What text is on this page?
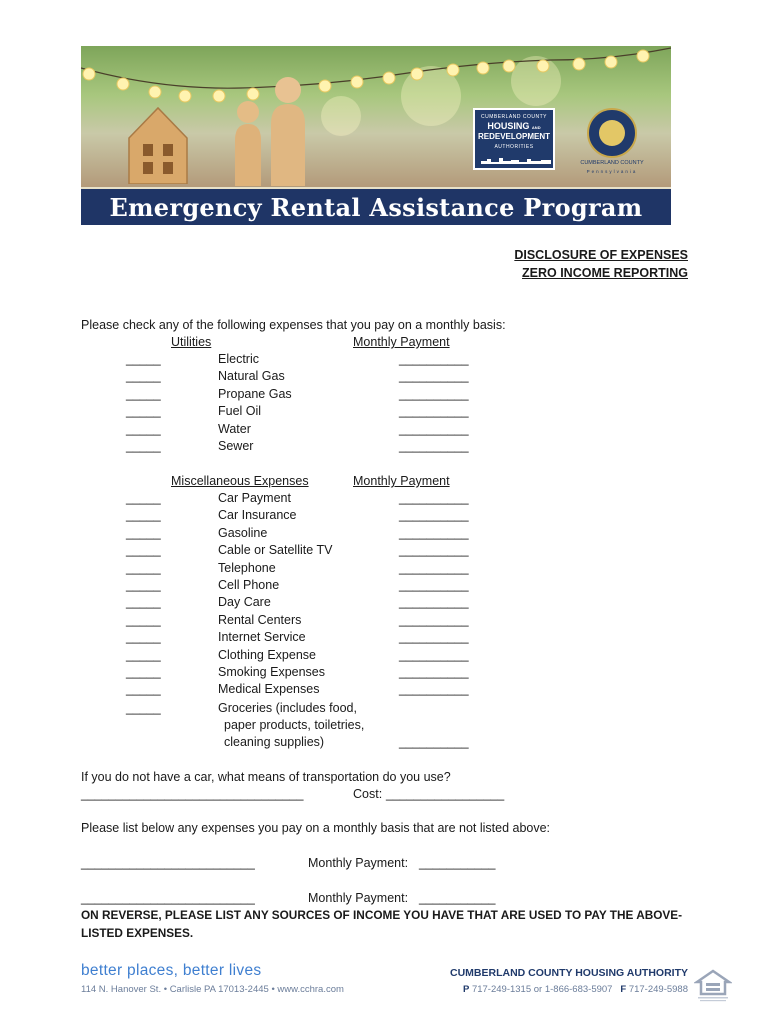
CUMBERLAND COUNTY
HOUSING AND
REDEVELOPMENT
AUTHORITIES
CUMBERLAND COUNTY
Pennsylvania
Emergency Rental Assistance Program
DISCLOSURE OF EXPENSES
ZERO INCOME REPORTING
Please check any of the following expenses that you pay on a monthly basis:
Utilities	Monthly Payment
_____	Electric	__________
_____	Natural Gas	__________
_____	Propane Gas	__________
_____	Fuel Oil	__________
_____	Water	__________
_____	Sewer	__________
Miscellaneous Expenses	Monthly Payment
_____	Car Payment	__________
_____	Car Insurance	__________
_____	Gasoline	__________
_____	Cable or Satellite TV	__________
_____	Telephone	__________
_____	Cell Phone	__________
_____	Day Care	__________
_____	Rental Centers	__________
_____	Internet Service	__________
_____	Clothing Expense	__________
_____	Smoking Expenses	__________
_____	Medical Expenses	__________
_____	Groceries (includes food,
paper products, toiletries,
cleaning supplies)	__________
If you do not have a car, what means of transportation do you use?
________________________________	Cost: _________________
Please list below any expenses you pay on a monthly basis that are not listed above:
_________________________	Monthly Payment: ___________
_________________________	Monthly Payment: ___________
ON REVERSE, PLEASE LIST ANY SOURCES OF INCOME YOU HAVE THAT ARE USED TO PAY THE ABOVE-
LISTED EXPENSES.
better places, better lives
114 N. Hanover St. • Carlisle PA 17013-2445 • www.cchra.com
CUMBERLAND COUNTY HOUSING AUTHORITY
P 717-249-1315 or 1-866-683-5907 F 717-249-5988
